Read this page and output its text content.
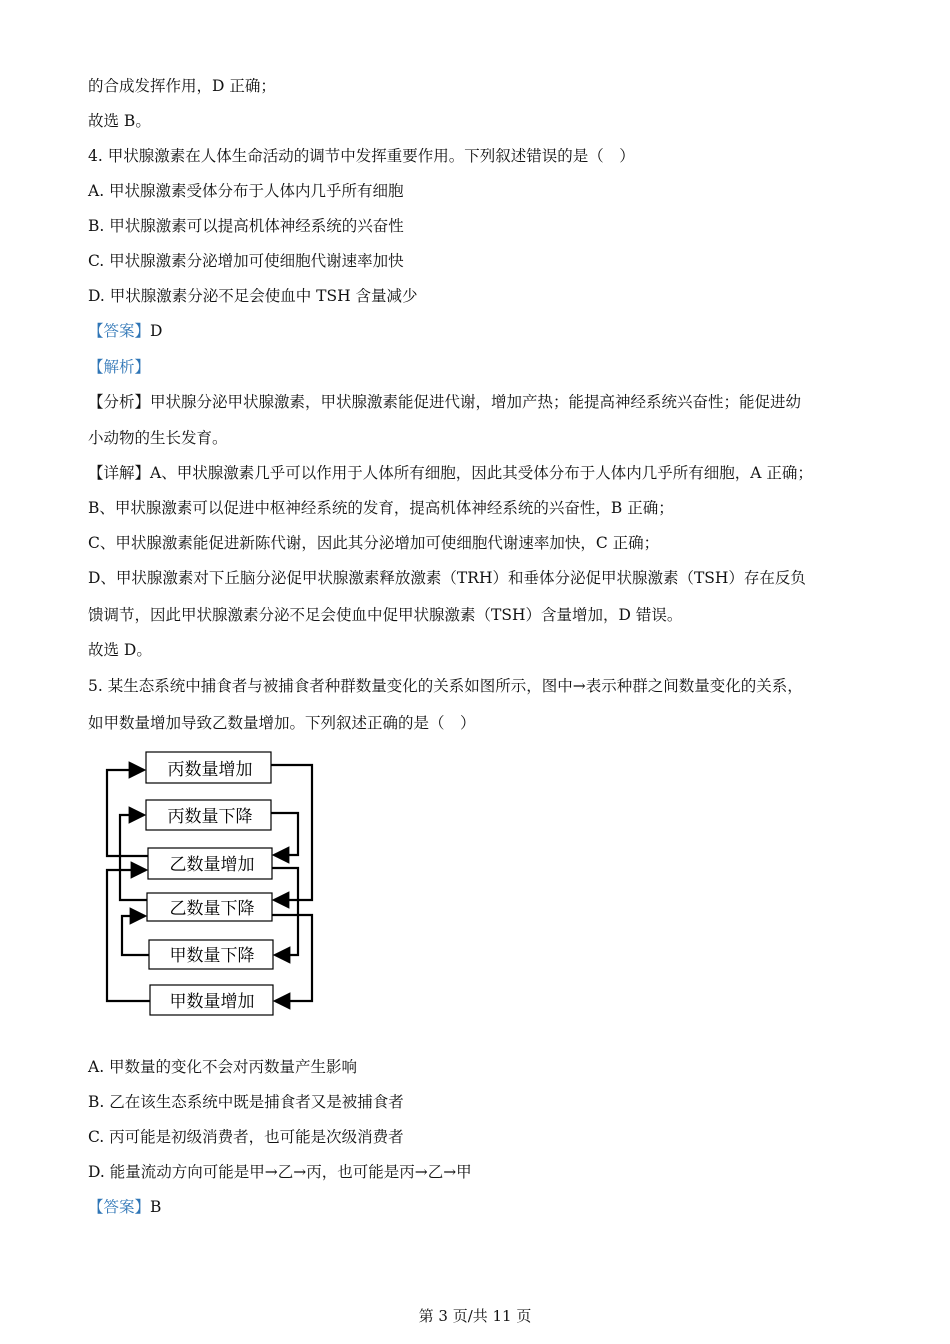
的合成发挥作用，D 正确；
故选 B。
4. 甲状腺激素在人体生命活动的调节中发挥重要作用。下列叙述错误的是（　）
A. 甲状腺激素受体分布于人体内几乎所有细胞
B. 甲状腺激素可以提高机体神经系统的兴奋性
C. 甲状腺激素分泌增加可使细胞代谢速率加快
D. 甲状腺激素分泌不足会使血中 TSH 含量减少
【答案】D
【解析】
【分析】甲状腺分泌甲状腺激素，甲状腺激素能促进代谢，增加产热；能提高神经系统兴奋性；能促进幼
小动物的生长发育。
【详解】A、甲状腺激素几乎可以作用于人体所有细胞，因此其受体分布于人体内几乎所有细胞，A 正确；
B、甲状腺激素可以促进中枢神经系统的发育，提高机体神经系统的兴奋性，B 正确；
C、甲状腺激素能促进新陈代谢，因此其分泌增加可使细胞代谢速率加快，C 正确；
D、甲状腺激素对下丘脑分泌促甲状腺激素释放激素（TRH）和垂体分泌促甲状腺激素（TSH）存在反负
馈调节，因此甲状腺激素分泌不足会使血中促甲状腺激素（TSH）含量增加，D 错误。
故选 D。
5. 某生态系统中捕食者与被捕食者种群数量变化的关系如图所示，图中→表示种群之间数量变化的关系，
如甲数量增加导致乙数量增加。下列叙述正确的是（　）
丙数量增加
丙数量下降
乙数量增加
乙数量下降
甲数量下降
甲数量增加
A. 甲数量的变化不会对丙数量产生影响
B. 乙在该生态系统中既是捕食者又是被捕食者
C. 丙可能是初级消费者，也可能是次级消费者
D. 能量流动方向可能是甲→乙→丙，也可能是丙→乙→甲
【答案】B
第 3 页/共 11 页
